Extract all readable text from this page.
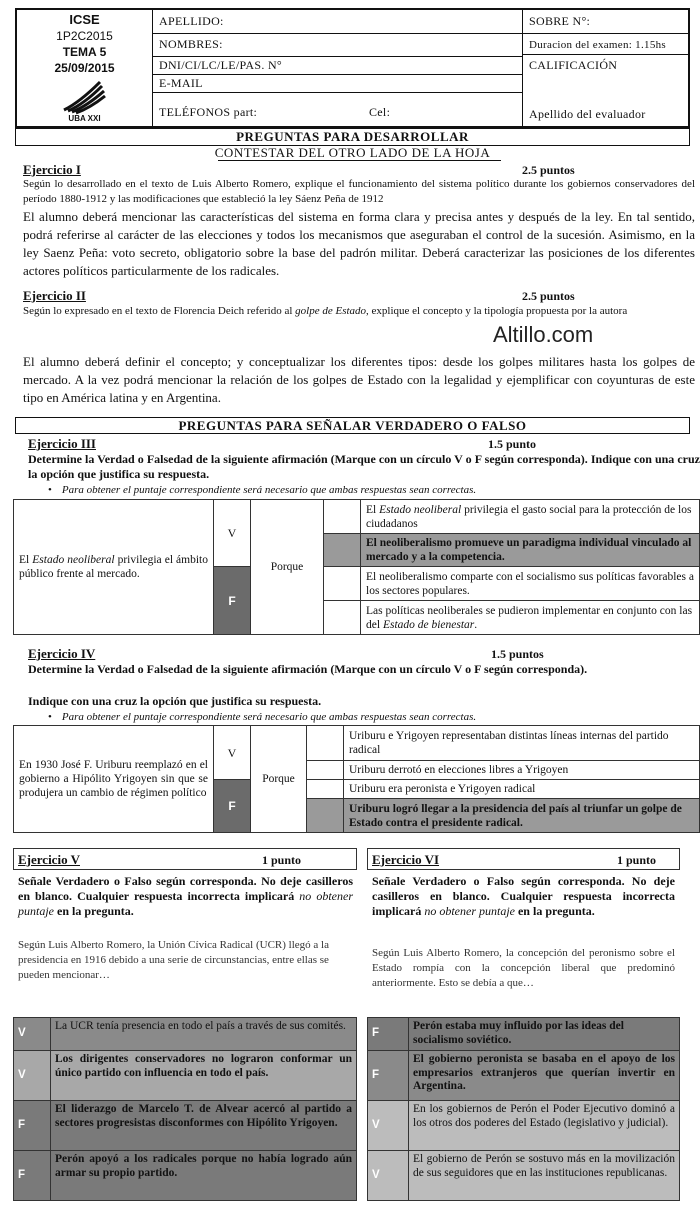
ICSE
1P2C2015
TEMA 5
25/09/2015
UBA XXI
APELLIDO:
NOMBRES:
DNI/CI/LC/LE/PAS. N°
E-MAIL
TELÉFONOS part:	Cel:
SOBRE N°:
Duracion del examen: 1.15hs
CALIFICACIÓN
Apellido del evaluador
PREGUNTAS PARA DESARROLLAR
CONTESTAR DEL OTRO LADO DE LA HOJA
Ejercicio I	2.5 puntos
Según lo desarrollado en el texto de Luis Alberto Romero, explique el funcionamiento del sistema político durante los gobiernos conservadores del período 1880-1912 y las modificaciones que estableció la ley Sáenz Peña de 1912
El alumno deberá mencionar las características del sistema en forma clara y precisa antes y después de la ley. En tal sentido, podrá referirse al carácter de las elecciones y todos los mecanismos que aseguraban el control de la sucesión. Asimismo, en la ley Saenz Peña: voto secreto, obligatorio sobre la base del padrón militar. Deberá caracterizar las posiciones de los diferentes actores políticos particularmente de los radicales.
Ejercicio II	2.5 puntos
Según lo expresado en el texto de Florencia Deich referido al golpe de Estado, explique el concepto y la tipología propuesta por la autora
Altillo.com
El alumno deberá definir el concepto; y conceptualizar los diferentes tipos: desde los golpes militares hasta los golpes de mercado. A la vez podrá mencionar la relación de los golpes de Estado con la legalidad y ejemplificar con coyunturas de este tipo en América latina y en Argentina.
PREGUNTAS PARA SEÑALAR VERDADERO O FALSO
Ejercicio III	1.5 punto
Determine la Verdad o Falsedad de la siguiente afirmación (Marque con un círculo V o F según corresponda). Indique con una cruz la opción que justifica su respuesta.
• Para obtener el puntaje correspondiente será necesario que ambas respuestas sean correctas.
El Estado neoliberal privilegia el ámbito público frente al mercado.	V	Porque		El Estado neoliberal privilegia el gasto social para la protección de los ciudadanos
				El neoliberalismo promueve un paradigma individual vinculado al mercado y a la competencia.
	F			El neoliberalismo comparte con el socialismo sus políticas favorables a los sectores populares.
				Las políticas neoliberales se pudieron implementar en conjunto con las del Estado de bienestar.
Ejercicio IV	1.5 puntos
Determine la Verdad o Falsedad de la siguiente afirmación (Marque con un círculo V o F según corresponda).
Indique con una cruz la opción que justifica su respuesta.
• Para obtener el puntaje correspondiente será necesario que ambas respuestas sean correctas.
En 1930 José F. Uriburu reemplazó en el gobierno a Hipólito Yrigoyen sin que se produjera un cambio de régimen político	V	Porque		Uriburu e Yrigoyen representaban distintas líneas internas del partido radical
				Uriburu derrotó en elecciones libres a Yrigoyen
	F			Uriburu era peronista e Yrigoyen radical
				Uriburu logró llegar a la presidencia del país al triunfar un golpe de Estado contra el presidente radical.
Ejercicio V	1 punto
Señale Verdadero o Falso según corresponda. No deje casilleros en blanco. Cualquier respuesta incorrecta implicará no obtener puntaje en la pregunta.
Según Luis Alberto Romero, la Unión Cívica Radical (UCR) llegó a la presidencia en 1916 debido a una serie de circunstancias, entre ellas se pueden mencionar…
V	La UCR tenía presencia en todo el país a través de sus comités.
V	Los dirigentes conservadores no lograron conformar un único partido con influencia en todo el país.
F	El liderazgo de Marcelo T. de Alvear acercó al partido a sectores progresistas disconformes con Hipólito Yrigoyen.
F	Perón apoyó a los radicales porque no había logrado aún armar su propio partido.
Ejercicio VI	1 punto
Señale Verdadero o Falso según corresponda. No deje casilleros en blanco. Cualquier respuesta incorrecta implicará no obtener puntaje en la pregunta.
Según Luis Alberto Romero, la concepción del peronismo sobre el Estado rompía con la concepción liberal que predominó anteriormente. Esto se debía a que…
F	Perón estaba muy influido por las ideas del socialismo soviético.
F	El gobierno peronista se basaba en el apoyo de los empresarios extranjeros que querían invertir en Argentina.
V	En los gobiernos de Perón el Poder Ejecutivo dominó a los otros dos poderes del Estado (legislativo y judicial).
V	El gobierno de Perón se sostuvo más en la movilización de sus seguidores que en las instituciones republicanas.
